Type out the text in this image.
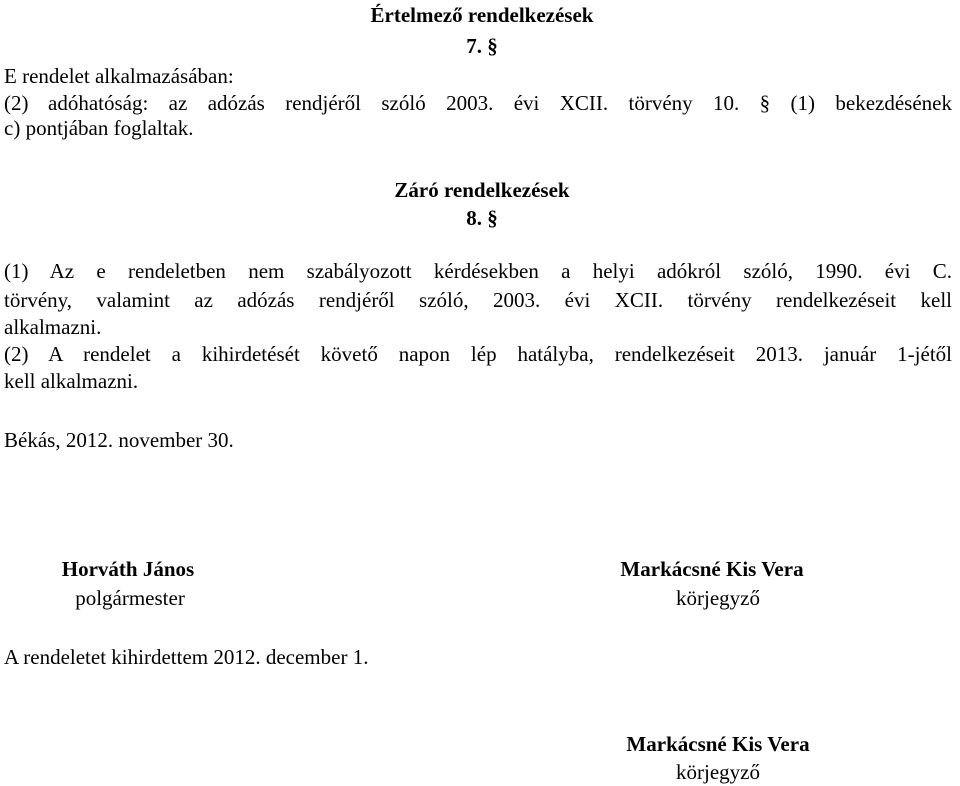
Értelmező rendelkezések
7. §
E rendelet alkalmazásában:
(2) adóhatóság: az adózás rendjéről szóló 2003. évi XCII. törvény 10. § (1) bekezdésének
c) pontjában foglaltak.
Záró rendelkezések
8. §
(1) Az e rendeletben nem szabályozott kérdésekben a helyi adókról szóló, 1990. évi C.
törvény, valamint az adózás rendjéről szóló, 2003. évi XCII. törvény rendelkezéseit kell
alkalmazni.
(2) A rendelet a kihirdetését követő napon lép hatályba, rendelkezéseit 2013. január 1-jétől
kell alkalmazni.
Békás, 2012. november 30.
Horváth János
polgármester
Markácsné Kis Vera
körjegyző
A rendeletet kihirdettem 2012. december 1.
Markácsné Kis Vera
körjegyző
